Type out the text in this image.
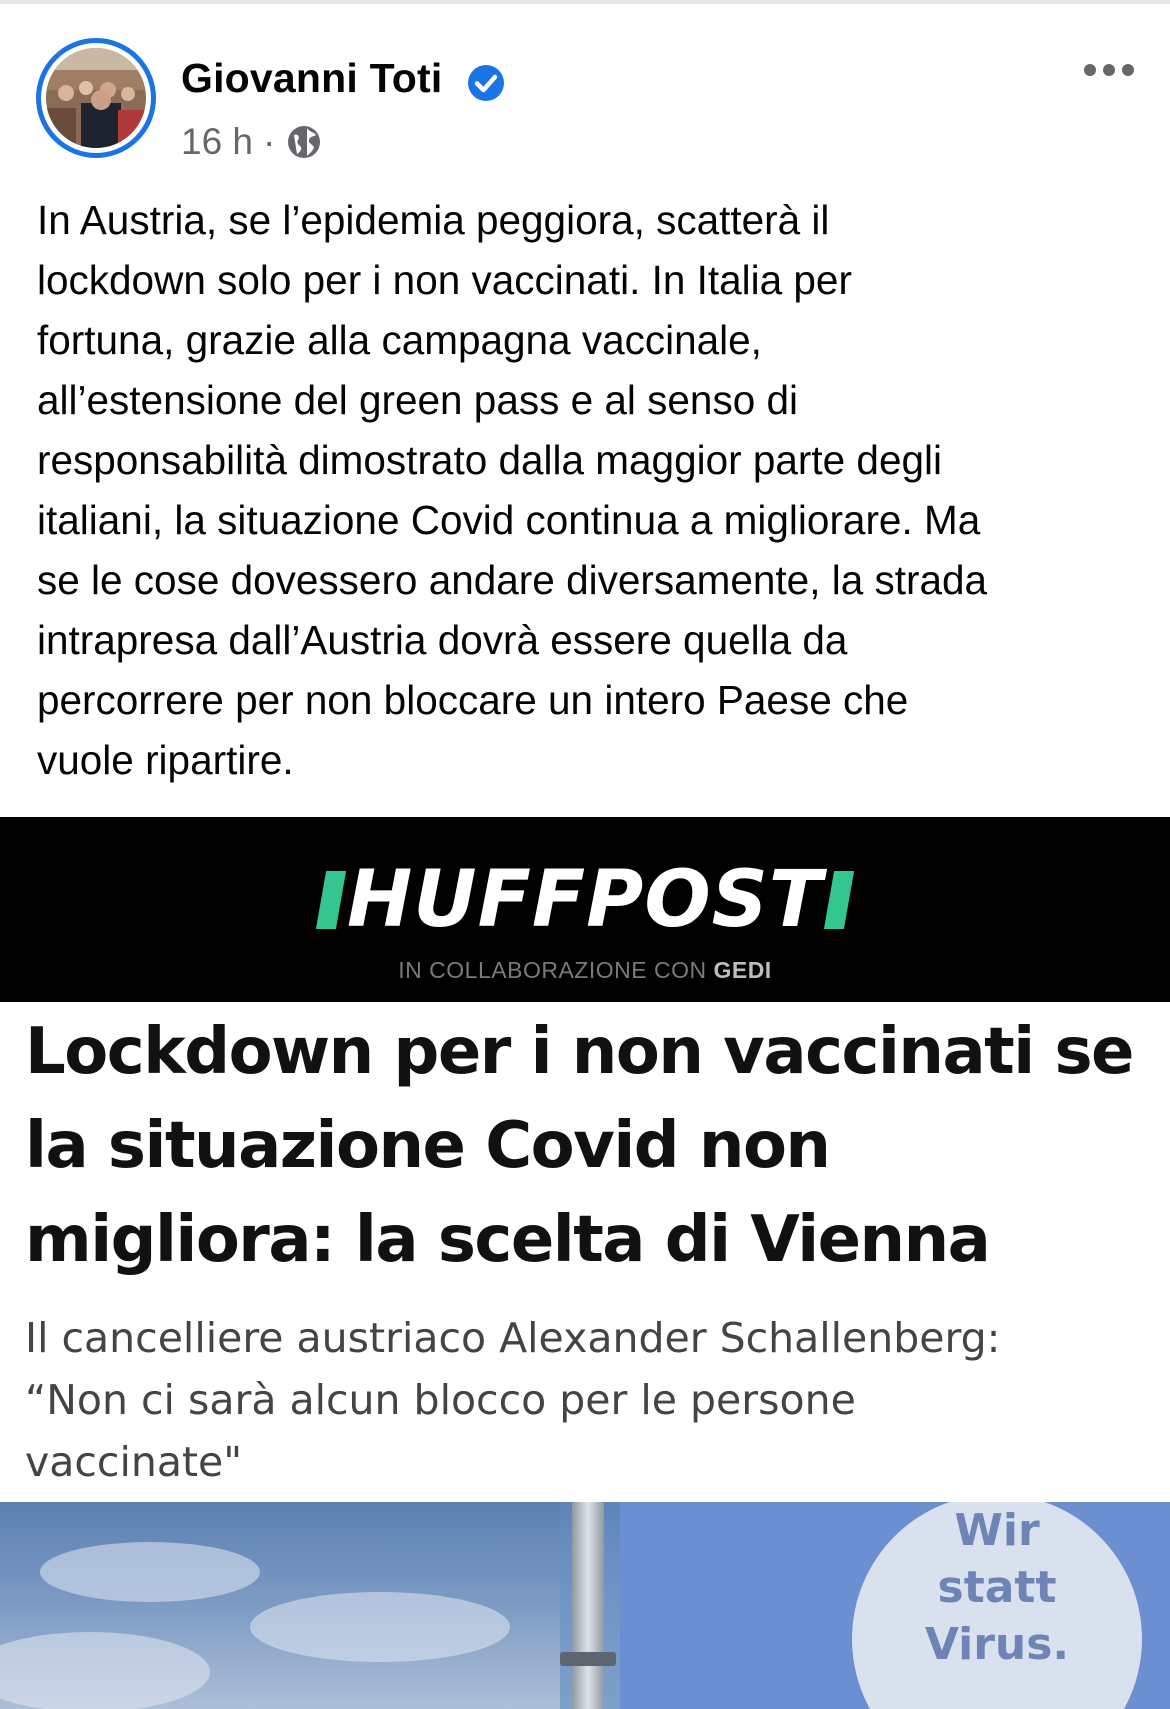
Giovanni Toti
16 h ·
In Austria, se l’epidemia peggiora, scatterà il
lockdown solo per i non vaccinati. In Italia per
fortuna, grazie alla campagna vaccinale,
all’estensione del green pass e al senso di
responsabilità dimostrato dalla maggior parte degli
italiani, la situazione Covid continua a migliorare. Ma
se le cose dovessero andare diversamente, la strada
intrapresa dall’Austria dovrà essere quella da
percorrere per non bloccare un intero Paese che
vuole ripartire.
HUFFPOST
IN COLLABORAZIONE CON GEDI
Lockdown per i non vaccinati se
la situazione Covid non
migliora: la scelta di Vienna
Il cancelliere austriaco Alexander Schallenberg:
“Non ci sarà alcun blocco per le persone
vaccinate"
Wir
statt
Virus.
